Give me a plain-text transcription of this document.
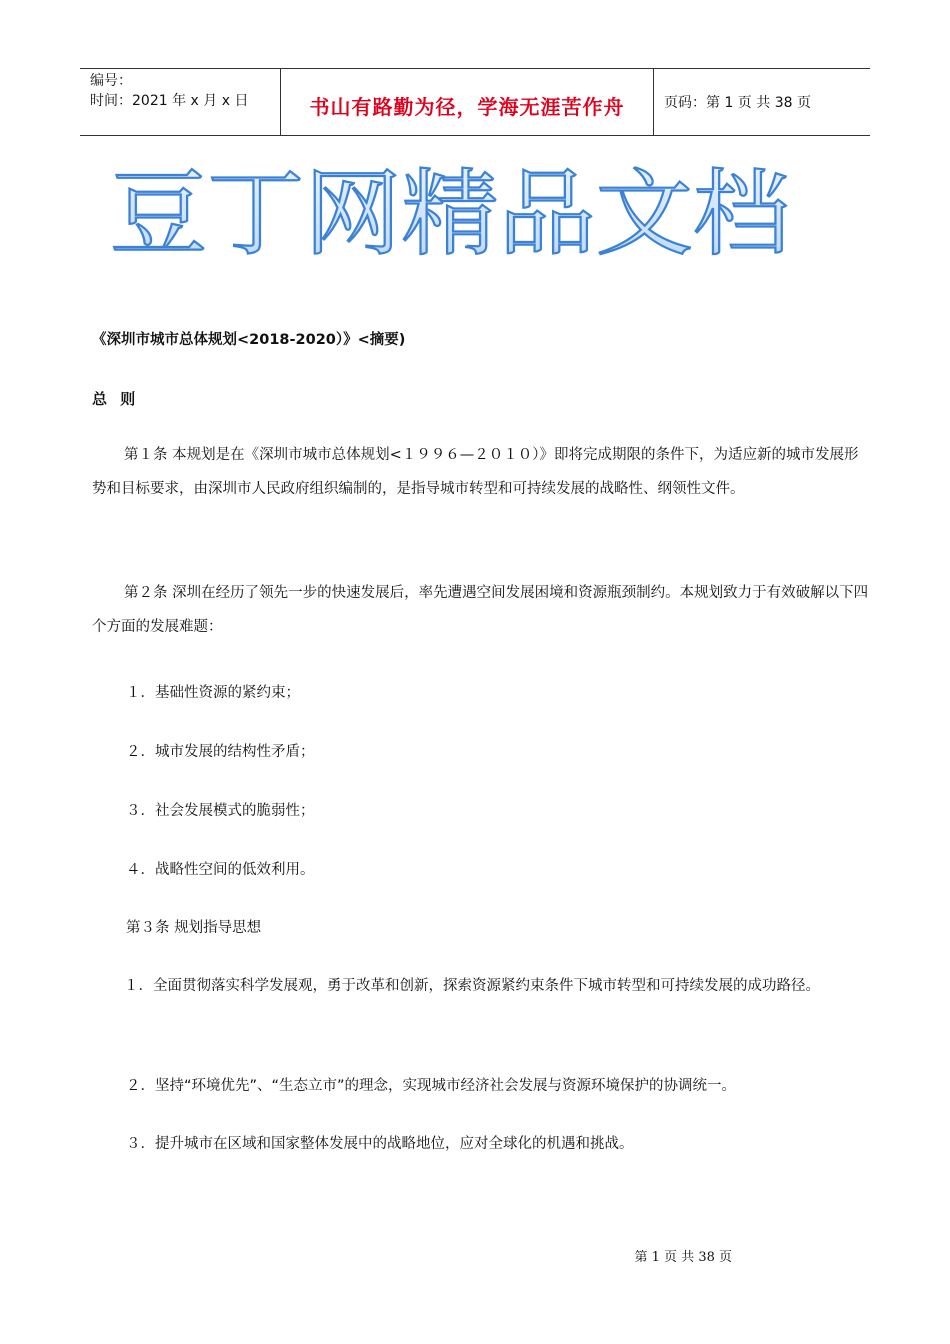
编号：
时间：2021 年 x 月 x 日	书山有路勤为径，学海无涯苦作舟	页码：第 1 页 共 38 页
豆丁网精品文档
《深圳市城市总体规划<2018-2020）》<摘要)
总 则

第１条 本规划是在《深圳市城市总体规划<１９９６—２０１０）》即将完成期限的条件下，为适应新的城市发展形势和目标要求，由深圳市人民政府组织编制的，是指导城市转型和可持续发展的战略性、纲领性文件。

第２条 深圳在经历了领先一步的快速发展后，率先遭遇空间发展困境和资源瓶颈制约。本规划致力于有效破解以下四个方面的发展难题：

１．基础性资源的紧约束；

２．城市发展的结构性矛盾；

３．社会发展模式的脆弱性；

４．战略性空间的低效利用。

第３条 规划指导思想

１．全面贯彻落实科学发展观，勇于改革和创新，探索资源紧约束条件下城市转型和可持续发展的成功路径。

２．坚持“环境优先”、“生态立市”的理念，实现城市经济社会发展与资源环境保护的协调统一。

３．提升城市在区域和国家整体发展中的战略地位，应对全球化的机遇和挑战。

第 1 页 共 38 页
